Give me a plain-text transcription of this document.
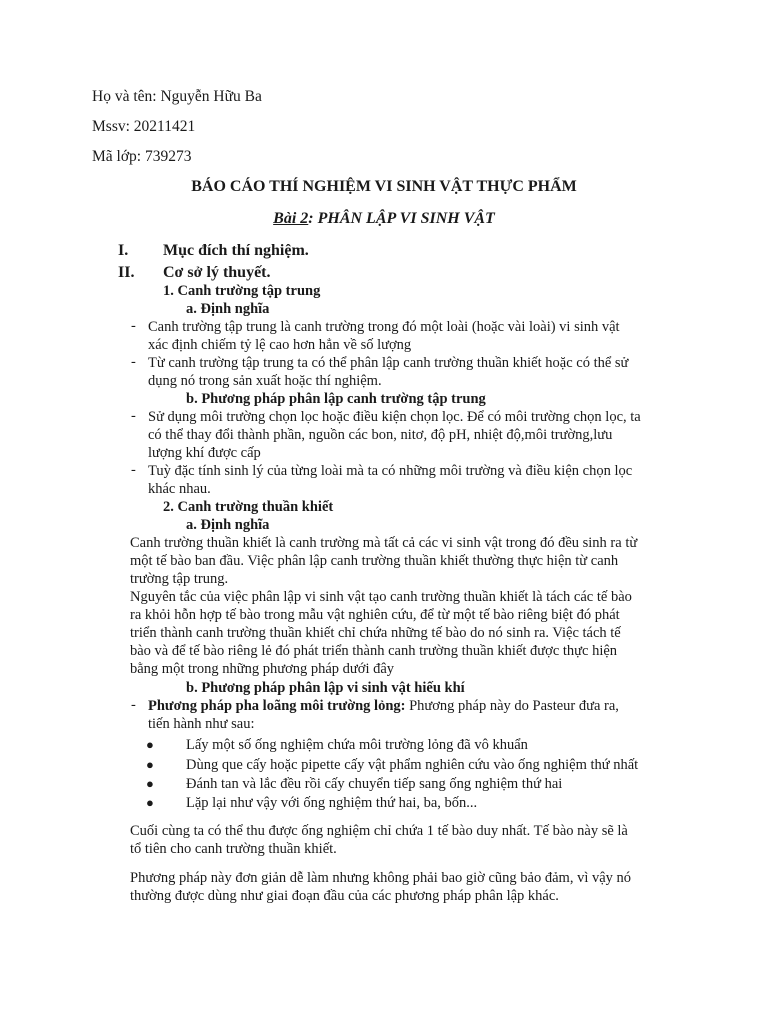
Họ và tên: Nguyễn Hữu Ba
Mssv: 20211421
Mã lớp: 739273
BÁO CÁO THÍ NGHIỆM VI SINH VẬT THỰC PHẨM
Bài 2: PHÂN LẬP VI SINH VẬT
I. Mục đích thí nghiệm.
II. Cơ sở lý thuyết.
1. Canh trường tập trung
a. Định nghĩa
- Canh trường tập trung là canh trường trong đó một loài (hoặc vài loài) vi sinh vật
xác định chiếm tỷ lệ cao hơn hẳn về số lượng
- Từ canh trường tập trung ta có thể phân lập canh trường thuần khiết hoặc có thể sử
dụng nó trong sản xuất hoặc thí nghiệm.
b. Phương pháp phân lập canh trường tập trung
- Sử dụng môi trường chọn lọc hoặc điều kiện chọn lọc. Để có môi trường chọn lọc, ta
có thể thay đổi thành phần, nguồn các bon, nitơ, độ pH, nhiệt độ,môi trường,lưu
lượng khí được cấp
- Tuỳ đặc tính sinh lý của từng loài mà ta có những môi trường và điều kiện chọn lọc
khác nhau.
2. Canh trường thuần khiết
a. Định nghĩa
Canh trường thuần khiết là canh trường mà tất cả các vi sinh vật trong đó đều sinh ra từ
một tế bào ban đầu. Việc phân lập canh trường thuần khiết thường thực hiện từ canh
trường tập trung.
Nguyên tắc của việc phân lập vi sinh vật tạo canh trường thuần khiết là tách các tế bào
ra khỏi hỗn hợp tế bào trong mẫu vật nghiên cứu, để từ một tế bào riêng biệt đó phát
triển thành canh trường thuần khiết chỉ chứa những tế bào do nó sinh ra. Việc tách tế
bào và để tế bào riêng lẻ đó phát triển thành canh trường thuần khiết được thực hiện
bằng một trong những phương pháp dưới đây
b. Phương pháp phân lập vi sinh vật hiếu khí
- Phương pháp pha loãng môi trường lỏng: Phương pháp này do Pasteur đưa ra,
tiến hành như sau:
● Lấy một số ống nghiệm chứa môi trường lỏng đã vô khuẩn
● Dùng que cấy hoặc pipette cấy vật phẩm nghiên cứu vào ống nghiệm thứ nhất
● Đánh tan và lắc đều rồi cấy chuyển tiếp sang ống nghiệm thứ hai
● Lặp lại như vậy với ống nghiệm thứ hai, ba, bốn...
Cuối cùng ta có thể thu được ống nghiệm chỉ chứa 1 tế bào duy nhất. Tế bào này sẽ là
tổ tiên cho canh trường thuần khiết.
Phương pháp này đơn giản dễ làm nhưng không phải bao giờ cũng bảo đảm, vì vậy nó
thường được dùng như giai đoạn đầu của các phương pháp phân lập khác.
